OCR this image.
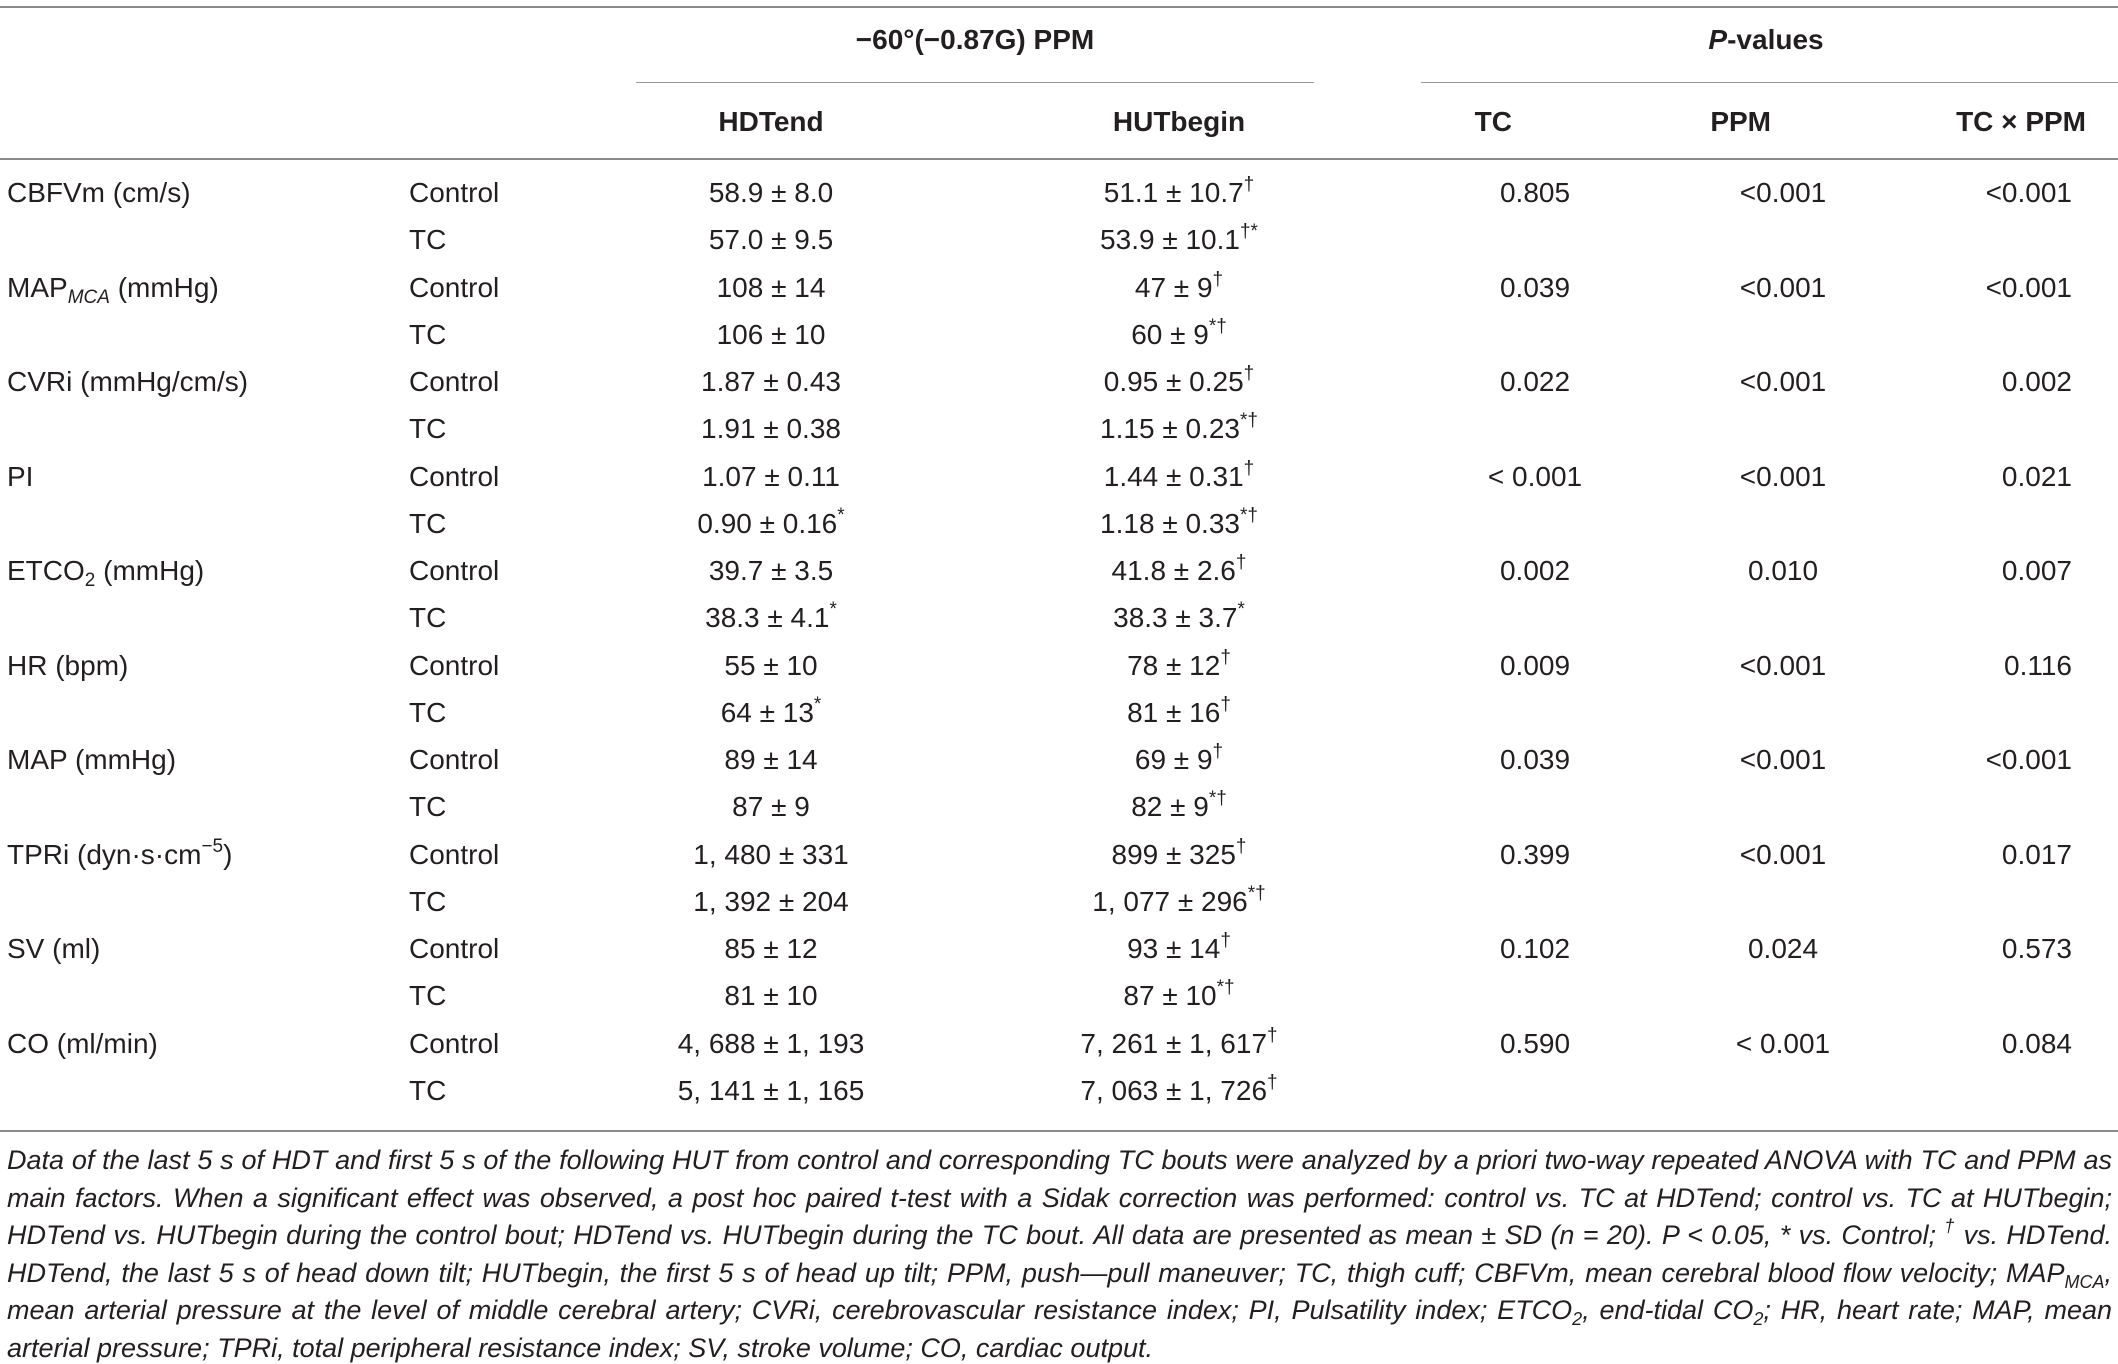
−60°(−0.87G) PPM	P-values
HDTend	HUTbegin	TC	PPM	TC × PPM
CBFVm (cm/s)	Control	58.9 ± 8.0	51.1 ± 10.7†	0.805	<0.001	<0.001
TC	57.0 ± 9.5	53.9 ± 10.1†*
$MAP_{MCA}$ (mmHg)	Control	108 ± 14	47 ± 9†	0.039	<0.001	<0.001
TC	106 ± 10	60 ± 9*†
CVRi (mmHg/cm/s)	Control	1.87 ± 0.43	0.95 ± 0.25†	0.022	<0.001	0.002
TC	1.91 ± 0.38	1.15 ± 0.23*†
PI	Control	1.07 ± 0.11	1.44 ± 0.31†	< 0.001	<0.001	0.021
TC	0.90 ± 0.16*	1.18 ± 0.33*†
$ETCO_2$ (mmHg)	Control	39.7 ± 3.5	41.8 ± 2.6†	0.002	0.010	0.007
TC	38.3 ± 4.1*	38.3 ± 3.7*
HR (bpm)	Control	55 ± 10	78 ± 12†	0.009	<0.001	0.116
TC	64 ± 13*	81 ± 16†
MAP (mmHg)	Control	89 ± 14	69 ± 9†	0.039	<0.001	<0.001
TC	87 ± 9	82 ± 9*†
TPRi $(dyn\cdot s\cdot cm^{-5})$	Control	1, 480 ± 331	899 ± 325†	0.399	<0.001	0.017
TC	1, 392 ± 204	1, 077 ± 296*†
SV (ml)	Control	85 ± 12	93 ± 14†	0.102	0.024	0.573
TC	81 ± 10	87 ± 10*†
CO (ml/min)	Control	4, 688 ± 1, 193	7, 261 ± 1, 617†	0.590	< 0.001	0.084
TC	5, 141 ± 1, 165	7, 063 ± 1, 726†

Data of the last 5 s of HDT and first 5 s of the following HUT from control and corresponding TC bouts were analyzed by a priori two-way repeated ANOVA with TC and PPM as main factors. When a significant effect was observed, a post hoc paired t-test with a Sidak correction was performed: control vs. TC at HDTend; control vs. TC at HUTbegin; HDTend vs. HUTbegin during the control bout; HDTend vs. HUTbegin during the TC bout. All data are presented as mean ± SD (n = 20). P < 0.05, * vs. Control; † vs. HDTend. HDTend, the last 5 s of head down tilt; HUTbegin, the first 5 s of head up tilt; PPM, push—pull maneuver; TC, thigh cuff; CBFVm, mean cerebral blood flow velocity; $MAP_{MCA}$, mean arterial pressure at the level of middle cerebral artery; CVRi, cerebrovascular resistance index; PI, Pulsatility index; $ETCO_2$, end-tidal $CO_2$; HR, heart rate; MAP, mean arterial pressure; TPRi, total peripheral resistance index; SV, stroke volume; CO, cardiac output.
